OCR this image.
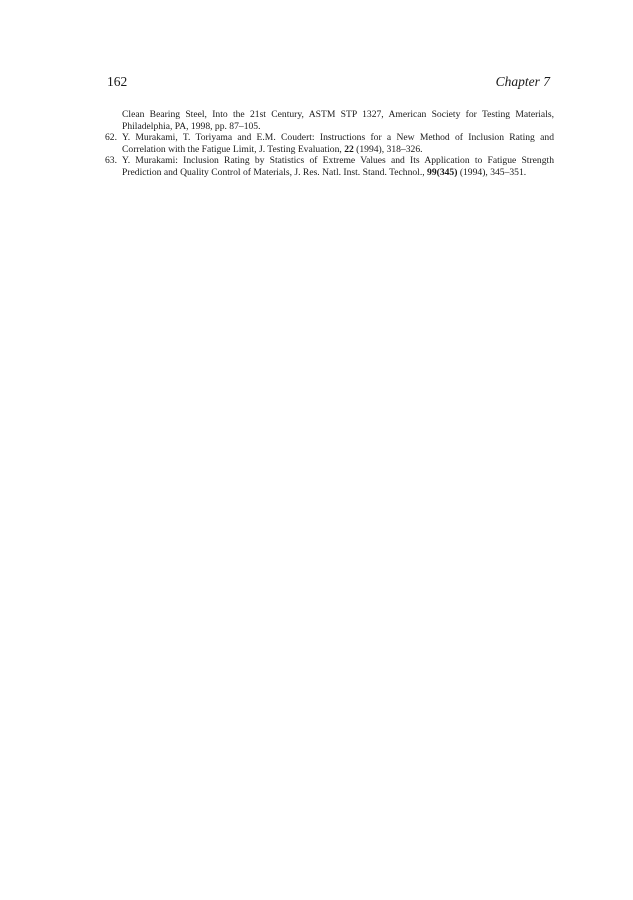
162	Chapter 7
Clean Bearing Steel, Into the 21st Century, ASTM STP 1327, American Society for Testing Materials, Philadelphia, PA, 1998, pp. 87–105.
62. Y. Murakami, T. Toriyama and E.M. Coudert: Instructions for a New Method of Inclusion Rating and Correlation with the Fatigue Limit, J. Testing Evaluation, 22 (1994), 318–326.
63. Y. Murakami: Inclusion Rating by Statistics of Extreme Values and Its Application to Fatigue Strength Prediction and Quality Control of Materials, J. Res. Natl. Inst. Stand. Technol., 99(345) (1994), 345–351.
